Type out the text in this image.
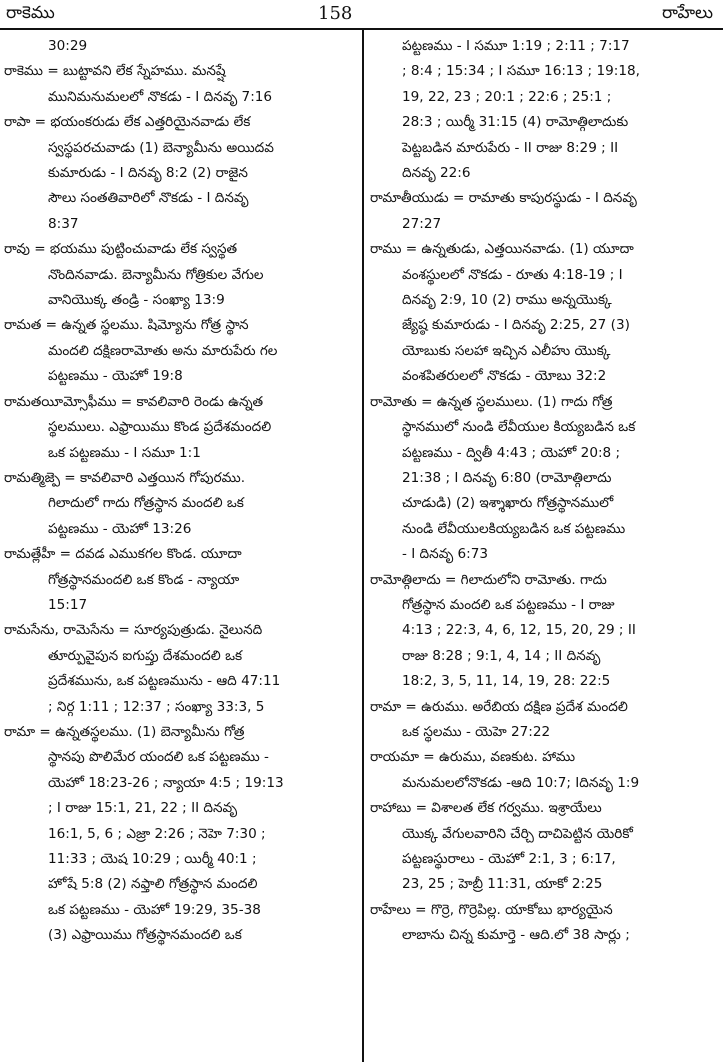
రాకెము	158	రాహేలు
30:29
రాకెము = బుట్టావని లేక స్నేహము. మనష్షే
మునిమనుమలలో నొకడు - I దినవృ 7:16
రాపా = భయంకరుడు లేక ఎత్తరియైనవాడు లేక
స్వస్థపరచువాడు (1) బెన్యామీను అయిదవ
కుమారుడు - I దినవృ 8:2 (2) రాజైన
సౌలు సంతతివారిలో నొకడు - I దినవృ
8:37
రావు = భయము పుట్టించువాడు లేక స్వస్థత
నొందినవాడు. బెన్యామీను గోత్రికుల వేగుల
వానియొక్క తండ్రి - సంఖ్యా 13:9
రామత = ఉన్నత స్థలము. షిమ్యోను గోత్ర స్థాన
మందలి దక్షిణరామోతు అను మారుపేరు గల
పట్టణము - యెహో 19:8
రామతయీమ్సోఫీము = కావలివారి రెండు ఉన్నత
స్థలములు. ఎఫ్రాయిము కొండ ప్రదేశమందలి
ఒక పట్టణము - I సమూ 1:1
రామత్మిజ్పె = కావలివారి ఎత్తయిన గోపురము.
గిలాదులో గాదు గోత్రస్థాన మందలి ఒక
పట్టణము - యెహో 13:26
రామత్లేహీ = దవడ ఎముకగల కొండ. యూదా
గోత్రస్థానమందలి ఒక కొండ - న్యాయా
15:17
రామసేను, రామెసేను = సూర్యపుత్రుడు. నైలునది
తూర్పువైపున ఐగుప్తు దేశమందలి ఒక
ప్రదేశమును, ఒక పట్టణమును - ఆది 47:11
; నిర్గ 1:11 ; 12:37 ; సంఖ్యా 33:3, 5
రామా = ఉన్నతస్థలము. (1) బెన్యామీను గోత్ర
స్థానపు పొలిమేర యందలి ఒక పట్టణము -
యెహో 18:23-26 ; న్యాయా 4:5 ; 19:13
; I రాజు 15:1, 21, 22 ; II దినవృ
16:1, 5, 6 ; ఎజ్రా 2:26 ; నెహె 7:30 ;
11:33 ; యెష 10:29 ; యిర్మీ 40:1 ;
హోషే 5:8 (2) నఫ్తాలి గోత్రస్థాన మందలి
ఒక పట్టణము - యెహో 19:29, 35-38
(3) ఎఫ్రాయిము గోత్రస్థానమందలి ఒక
పట్టణము - I సమూ 1:19 ; 2:11 ; 7:17
; 8:4 ; 15:34 ; I సమూ 16:13 ; 19:18,
19, 22, 23 ; 20:1 ; 22:6 ; 25:1 ;
28:3 ; యిర్మీ 31:15 (4) రామోత్గిలాదుకు
పెట్టబడిన మారుపేరు - II రాజు 8:29 ; II
దినవృ 22:6
రామాతీయుడు = రామాతు కాపురస్థుడు - I దినవృ
27:27
రాము = ఉన్నతుడు, ఎత్తయినవాడు. (1) యూదా
వంశస్థులలో నొకడు - రూతు 4:18-19 ; I
దినవృ 2:9, 10 (2) రాము అన్నయొక్క
జ్యేష్ఠ కుమారుడు - I దినవృ 2:25, 27 (3)
యోబుకు సలహా ఇచ్చిన ఎలీహు యొక్క
వంశపితరులలో నొకడు - యోబు 32:2
రామోతు = ఉన్నత స్థలములు. (1) గాదు గోత్ర
స్థానములో నుండి లేవీయుల కియ్యబడిన ఒక
పట్టణము - ద్వితీ 4:43 ; యెహో 20:8 ;
21:38 ; I దినవృ 6:80 (రామోత్గిలాదు
చూడుడి) (2) ఇశ్శాఖారు గోత్రస్థానములో
నుండి లేవీయులకియ్యబడిన ఒక పట్టణము
- I దినవృ 6:73
రామోత్గిలాదు = గిలాదులోని రామోతు. గాదు
గోత్రస్థాన మందలి ఒక పట్టణము - I రాజు
4:13 ; 22:3, 4, 6, 12, 15, 20, 29 ; II
రాజు 8:28 ; 9:1, 4, 14 ; II దినవృ
18:2, 3, 5, 11, 14, 19, 28: 22:5
రామా = ఉరుము. అరేబియ దక్షిణ ప్రదేశ మందలి
ఒక స్థలము - యెహె 27:22
రాయమా = ఉరుము, వణకుట. హాము
మనుమలలోనొకడు -ఆది 10:7; Iదినవృ 1:9
రాహాబు = విశాలత లేక గర్వము. ఇశ్రాయేలు
యొక్క వేగులవారిని చేర్చి దాచిపెట్టిన యెరికో
పట్టణస్థురాలు - యెహో 2:1, 3 ; 6:17,
23, 25 ; హెబ్రీ 11:31, యాకో 2:25
రాహేలు = గొర్రె, గొర్రెపిల్ల. యాకోబు భార్యయైన
లాబాను చిన్న కుమార్తె - ఆది.లో 38 సార్లు ;
